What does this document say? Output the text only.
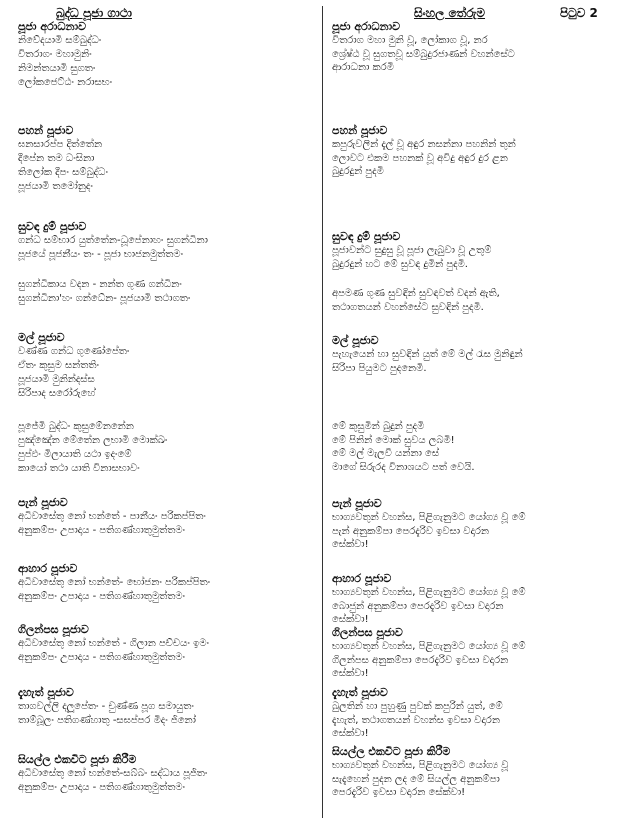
බුද්ධ පූජා ගාථා	සිංහල තේරුම	පිටුව 2
පූජා අරාධනාව
නිවේදයාමි සම්බුද්ධං
විතරාගං මහාමුනිං
නිමන්තයාමි සුගතං
ලෝකජෙට්ඨං නරාසභං
පහන් පූජාව
ඝනසාරප්ප දිත්තේන
දීපේන තම ධංසිනා
තිලෝක දීපං සම්බුද්ධං
පූජයාමි තමෝනුදං
සුවඳ දුම් පූජාව
ගන්ධ සම්භාර යුත්තේන-ධූපේනාහං සුගන්ධිනා
පූජයේ පූජනීයං තං - පූජා භාජනමුත්තමං
සුගන්ධිකාය වදන - නන්ත ගුණ ගන්ධිනං
සුගන්ධිනා'හං ගන්ධේන- පූජයාමි තථාගතං
මල් පූජාව
වණ්ණ ගන්ධ ගුණෝපේතං
ඒතං කුසුම සන්තතිං
පූජයාමි මුනින්දස්ස
සිරිපාද සරෝරුහේ
පූජේමි බුද්ධං කුසුමේනනේන
පුඤ්ඤේන මේතේන ලභාමි මොක්ඛං
පුප්ඵං මිලායාති යථා ඉදංමේ
කායෝ තථා යාති විනාසභාවං
පැන් පූජාව
අධිවාසේතු නෝ භන්තේ - පානීයං පරිකප්පිතං
අනුකම්පං උපාදාය - පතිගණ්හාතුමුත්තමං
ආහාර පූජාව
අධිවාසේතු නෝ භන්තේ- භෝජනං පරිකප්පිතං
අනුකම්පං උපාදාය - පතිගණ්හාතුමුත්තමං
ගිලන්පස පූජාව
අධිවාසේතු නෝ භන්තේ - ගිලාන පච්චයං ඉමං
අනුකම්පං උපාදාය - පතිගණ්හාතුමුත්තමං
දැහැත් පූජාව
තාගවල්ලි දලූපේතං - චුණ්ණ පූග සමායුතං
තාම්බූලං පතිගණ්හාතු -සඝප්පර මිදං ජිනෝ
සියල්ල එකවිට පූජා කිරීම
අධිවාසේතු නෝ භන්තේ-සබ්බං සද්ධාය පූජිතං
අනුකම්පං උපාදාය - පතිගණ්හාතුමුත්තමං
පූජා අරාධනාව
විතරාග මහා මුනි වූ, ලෝකාග වූ, නර
ශ්‍රේෂ්ඨ වූ සුගතවූ සම්බුදුරජාණන් වහන්සේට
ආරාධනා කරමි
පහන් පූජාව
කපුරුවලින් දැල් වූ අඳුර නසන්නා පහනින් තුන්
ලොවට එකම පහනක් වූ අවිදු අඳුර දුර ළන
බුදුරදුන් පුදමි
සුවඳ දුම් පූජාව
පූජාවන්ට සුදුසු වූ පූජා ලැබුවා වූ උතුම්
බුදුරදුන් හට මේ සුවඳ දුමින් පුදමි.
අපමණ ගුණ සුවඳින් සුවඳවත් වදන් ඇති,
තථාගතයන් වහන්සේට සුවඳින් පුදමි.
මල් පූජාව
පැහැයෙන් හා සුවඳින් යුත් මේ මල් රැස මුනිඳුන්
සිරිපා පියුමට පුදනෙමි.
මේ කුසුමින් බුදුන් පුදමි
මේ පිනින් මොක් සුවය ලබමි!
මේ මල් මැලවී යන්නා සේ
මාගේ සිරුරද විනාශයට පත් වෙයි.
පැන් පූජාව
භාග්‍යවතුන් වහන්ස, පිළිගැනුමට යෝග්‍ය වූ මේ
පැන් අනුකම්පා පෙරදැරිව ඉවසා වදාරන
සේක්වා!
ආහාර පූජාව
භාග්‍යවතුන් වහන්ස, පිළිගැනුමට යෝග්‍ය වූ මේ
බොජුන් අනුකම්පා පෙරදැරිව ඉවසා වදාරන
සේක්වා!
ගිලන්පස පූජාව
භාග්‍යවතුන් වහන්ස, පිළිගැනුමට යෝග්‍ය වූ මේ
ගිලන්පස අනුකම්පා පෙරදැරිව ඉවසා වදාරන
සේක්වා!
දැහැත් පූජාව
බුලතින් හා පුහුණු පුවක් කපුරින් යුත්, මේ
දැහැත්, තථාගතයන් වහන්ස ඉවසා වදාරන
සේක්වා!
සියල්ල එකවිට පූජා කිරීම
භාග්‍යවතුන් වහන්ස, පිළිගැනුමට යෝග්‍ය වූ
සැදැහෙන් පුදන ලද මේ සියල්ල අනුකම්පා
පෙරදැරිව ඉවසා වදාරන සේක්වා!
